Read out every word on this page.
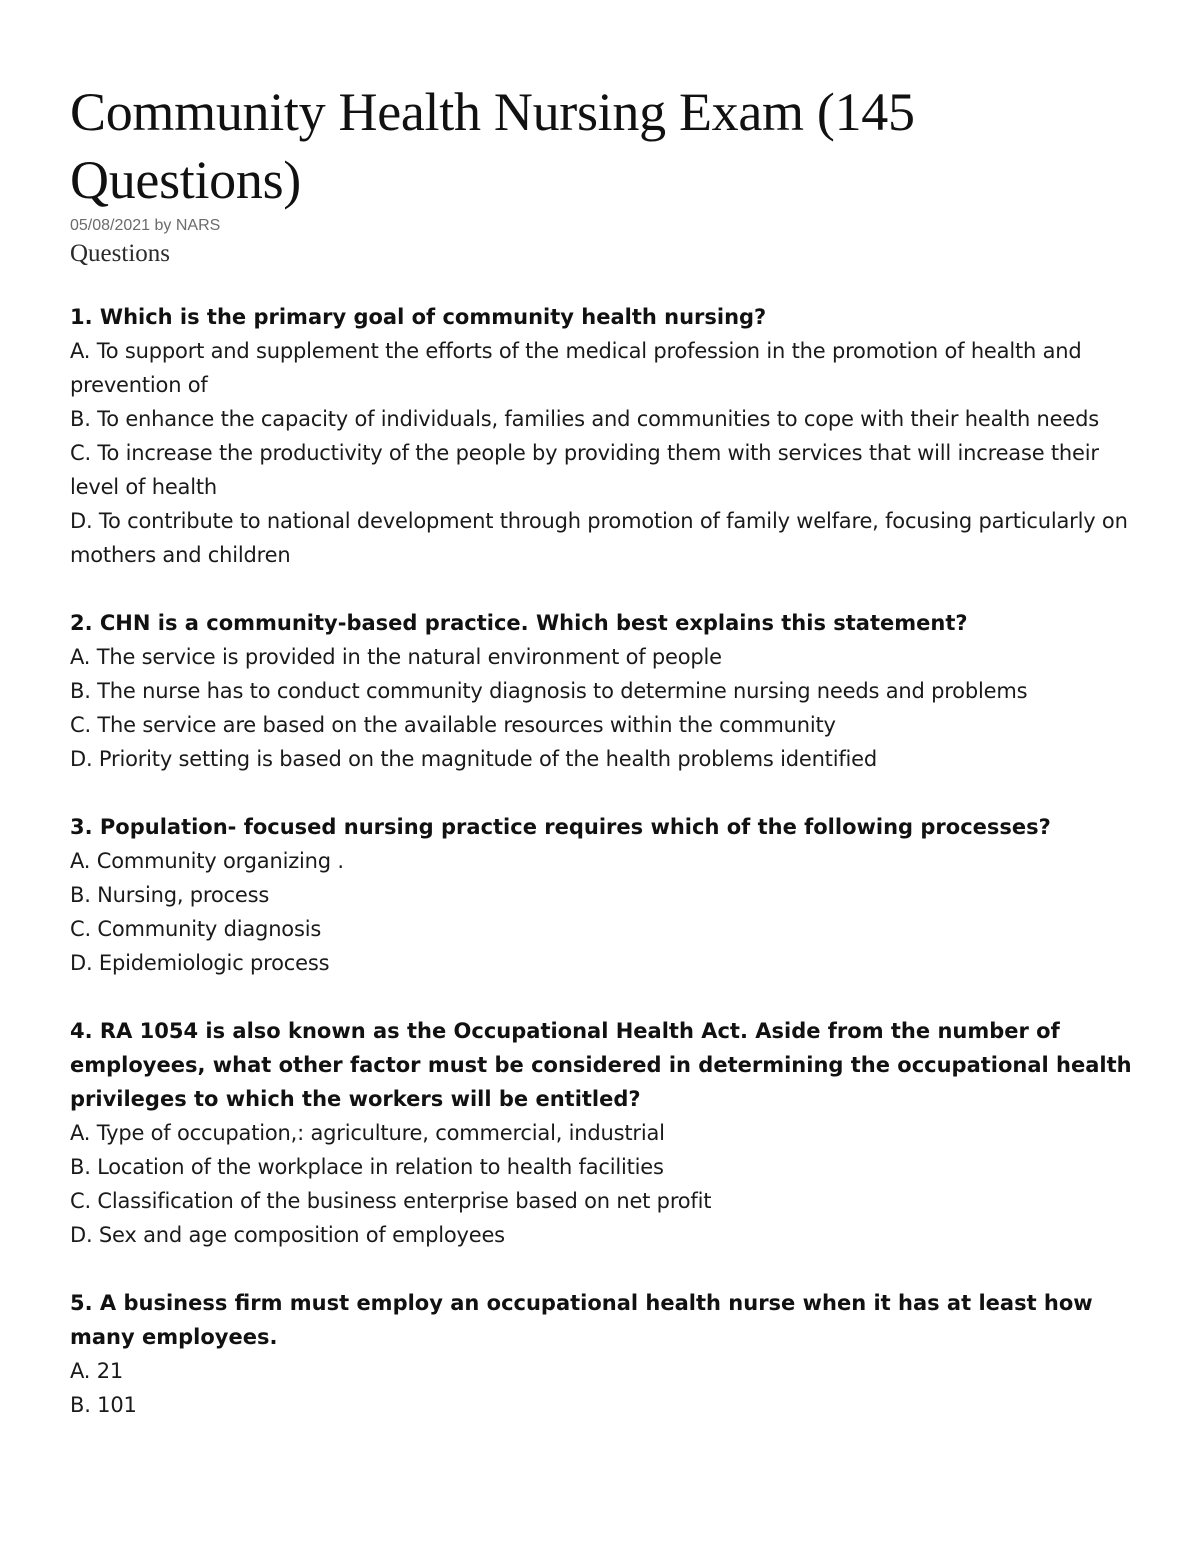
Community Health Nursing Exam (145 Questions)
05/08/2021 by NARS
Questions

1. Which is the primary goal of community health nursing?

A. To support and supplement the efforts of the medical profession in the promotion of health and prevention of

B. To enhance the capacity of individuals, families and communities to cope with their health needs

C. To increase the productivity of the people by providing them with services that will increase their level of health

D. To contribute to national development through promotion of family welfare, focusing particularly on mothers and children

2. CHN is a community-based practice. Which best explains this statement?

A. The service is provided in the natural environment of people

B. The nurse has to conduct community diagnosis to determine nursing needs and problems

C. The service are based on the available resources within the community

D. Priority setting is based on the magnitude of the health problems identified

3. Population- focused nursing practice requires which of the following processes?

A. Community organizing .

B. Nursing, process

C. Community diagnosis

D. Epidemiologic process

4. RA 1054 is also known as the Occupational Health Act. Aside from the number of employees, what other factor must be considered in determining the occupational health privileges to which the workers will be entitled?

A. Type of occupation,: agriculture, commercial, industrial

B. Location of the workplace in relation to health facilities

C. Classification of the business enterprise based on net profit

D. Sex and age composition of employees

5. A business firm must employ an occupational health nurse when it has at least how many employees.

A. 21

B. 101
